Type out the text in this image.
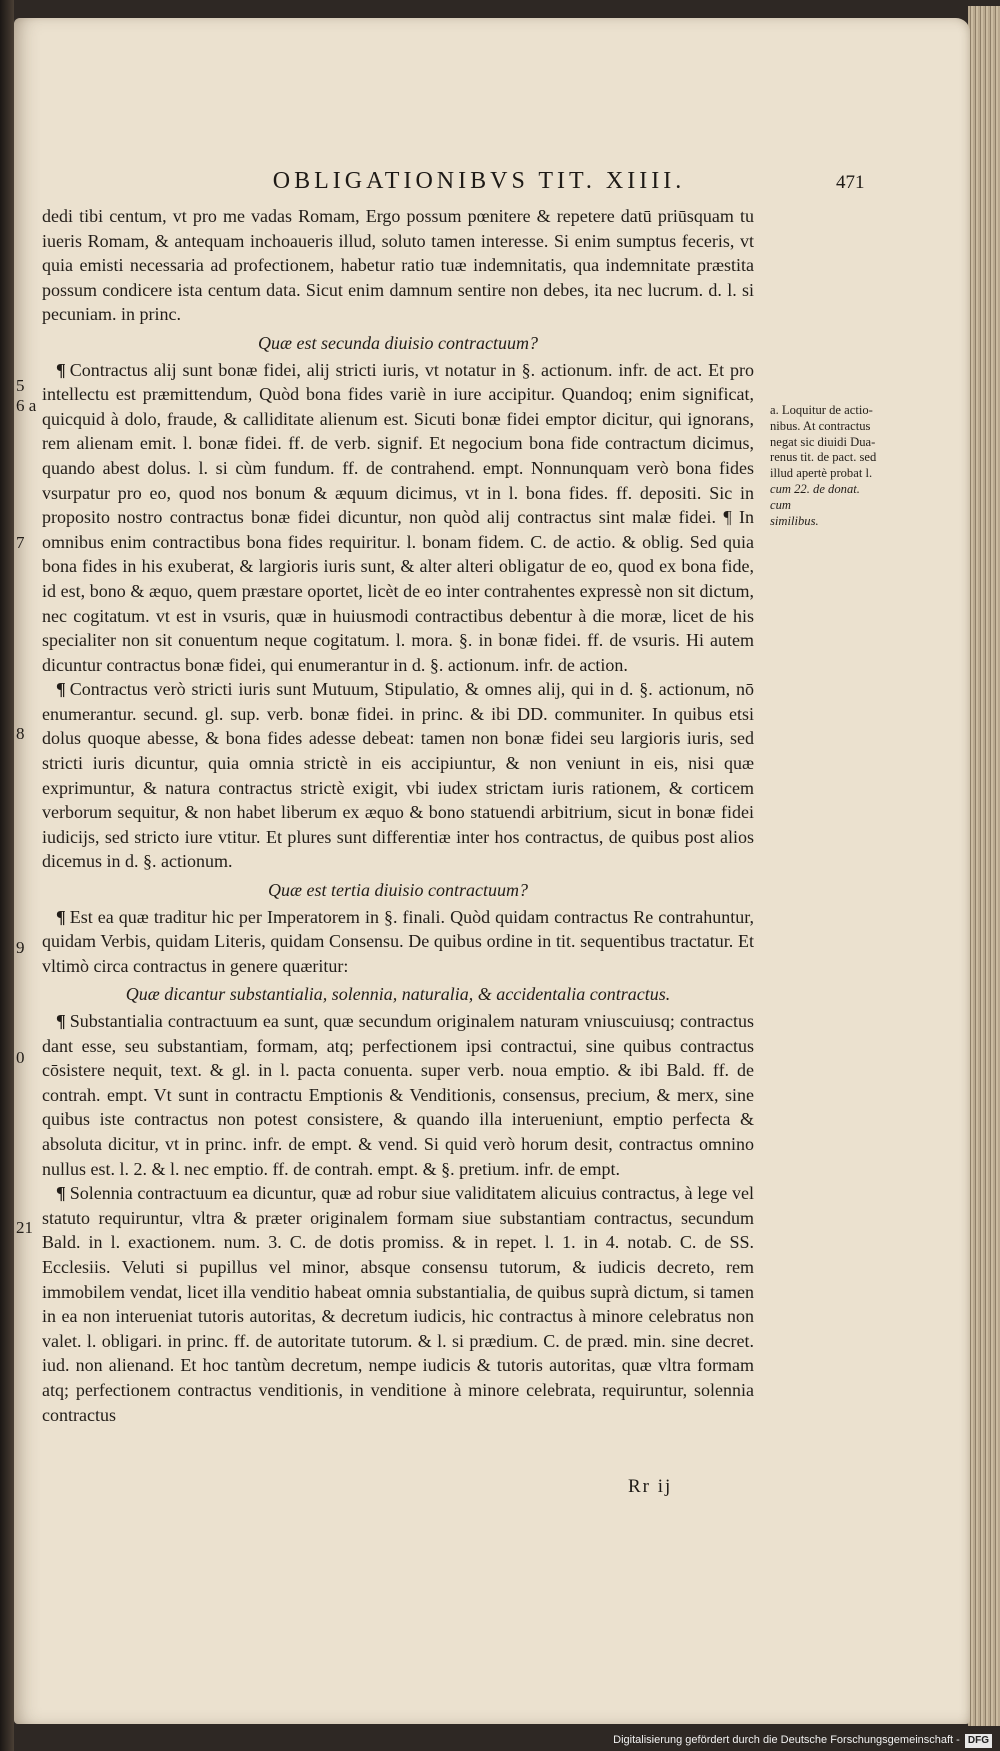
OBLIGATIONIBVS TIT. XIIII.	471
5
6 a
7
8
9
0
21

dedi tibi centum, vt pro me vadas Romam, Ergo possum pœnitere & repetere datū priūsquam tu iueris Romam, & antequam inchoaueris illud, soluto tamen interesse. Si enim sumptus feceris, vt quia emisti necessaria ad profectionem, habetur ratio tuæ indemnitatis, qua indemnitate præstita possum condicere ista centum data. Sicut enim damnum sentire non debes, ita nec lucrum. d. l. si pecuniam. in princ.

Quæ est secunda diuisio contractuum?

¶ Contractus alij sunt bonæ fidei, alij stricti iuris, vt notatur in §. actionum. infr. de act. Et pro intellectu est præmittendum, Quòd bona fides variè in iure accipitur. Quandoq; enim significat, quicquid à dolo, fraude, & calliditate alienum est. Sicuti bonæ fidei emptor dicitur, qui ignorans, rem alienam emit. l. bonæ fidei. ff. de verb. signif. Et negocium bona fide contractum dicimus, quando abest dolus. l. si cùm fundum. ff. de contrahend. empt. Nonnunquam verò bona fides vsurpatur pro eo, quod nos bonum & æquum dicimus, vt in l. bona fides. ff. depositi. Sic in proposito nostro contractus bonæ fidei dicuntur, non quòd alij contractus sint malæ fidei. ¶ In omnibus enim contractibus bona fides requiritur. l. bonam fidem. C. de actio. & oblig. Sed quia bona fides in his exuberat, & largioris iuris sunt, & alter alteri obligatur de eo, quod ex bona fide, id est, bono & æquo, quem præstare oportet, licèt de eo inter contrahentes expressè non sit dictum, nec cogitatum. vt est in vsuris, quæ in huiusmodi contractibus debentur à die moræ, licet de his specialiter non sit conuentum neque cogitatum. l. mora. §. in bonæ fidei. ff. de vsuris. Hi autem dicuntur contractus bonæ fidei, qui enumerantur in d. §. actionum. infr. de action.

¶ Contractus verò stricti iuris sunt Mutuum, Stipulatio, & omnes alij, qui in d. §. actionum, nō enumerantur. secund. gl. sup. verb. bonæ fidei. in princ. & ibi DD. communiter. In quibus etsi dolus quoque abesse, & bona fides adesse debeat: tamen non bonæ fidei seu largioris iuris, sed stricti iuris dicuntur, quia omnia strictè in eis accipiuntur, & non veniunt in eis, nisi quæ exprimuntur, & natura contractus strictè exigit, vbi iudex strictam iuris rationem, & corticem verborum sequitur, & non habet liberum ex æquo & bono statuendi arbitrium, sicut in bonæ fidei iudicijs, sed stricto iure vtitur. Et plures sunt differentiæ inter hos contractus, de quibus post alios dicemus in d. §. actionum.

Quæ est tertia diuisio contractuum?

¶ Est ea quæ traditur hic per Imperatorem in §. finali. Quòd quidam contractus Re contrahuntur, quidam Verbis, quidam Literis, quidam Consensu. De quibus ordine in tit. sequentibus tractatur. Et vltimò circa contractus in genere quæritur:

Quæ dicantur substantialia, solennia, naturalia, & accidentalia contractus.

¶ Substantialia contractuum ea sunt, quæ secundum originalem naturam vniuscuiusq; contractus dant esse, seu substantiam, formam, atq; perfectionem ipsi contractui, sine quibus contractus cōsistere nequit, text. & gl. in l. pacta conuenta. super verb. noua emptio. & ibi Bald. ff. de contrah. empt. Vt sunt in contractu Emptionis & Venditionis, consensus, precium, & merx, sine quibus iste contractus non potest consistere, & quando illa interueniunt, emptio perfecta & absoluta dicitur, vt in princ. infr. de empt. & vend. Si quid verò horum desit, contractus omnino nullus est. l. 2. & l. nec emptio. ff. de contrah. empt. & §. pretium. infr. de empt.

¶ Solennia contractuum ea dicuntur, quæ ad robur siue validitatem alicuius contractus, à lege vel statuto requiruntur, vltra & præter originalem formam siue substantiam contractus, secundum Bald. in l. exactionem. num. 3. C. de dotis promiss. & in repet. l. 1. in 4. notab. C. de SS. Ecclesiis. Veluti si pupillus vel minor, absque consensu tutorum, & iudicis decreto, rem immobilem vendat, licet illa venditio habeat omnia substantialia, de quibus suprà dictum, si tamen in ea non interueniat tutoris autoritas, & decretum iudicis, hic contractus à minore celebratus non valet. l. obligari. in princ. ff. de autoritate tutorum. & l. si prædium. C. de præd. min. sine decret. iud. non alienand. Et hoc tantùm decretum, nempe iudicis & tutoris autoritas, quæ vltra formam atq; perfectionem contractus venditionis, in venditione à minore celebrata, requiruntur, solennia contractus

a. Loquitur de actio-
nibus. At contractus
negat sic diuidi Dua-
renus tit. de pact. sed
illud apertè probat l.
cum 22. de donat. cum
similibus.
Rr ij
Digitalisierung gefördert durch die Deutsche Forschungsgemeinschaft - DFG
